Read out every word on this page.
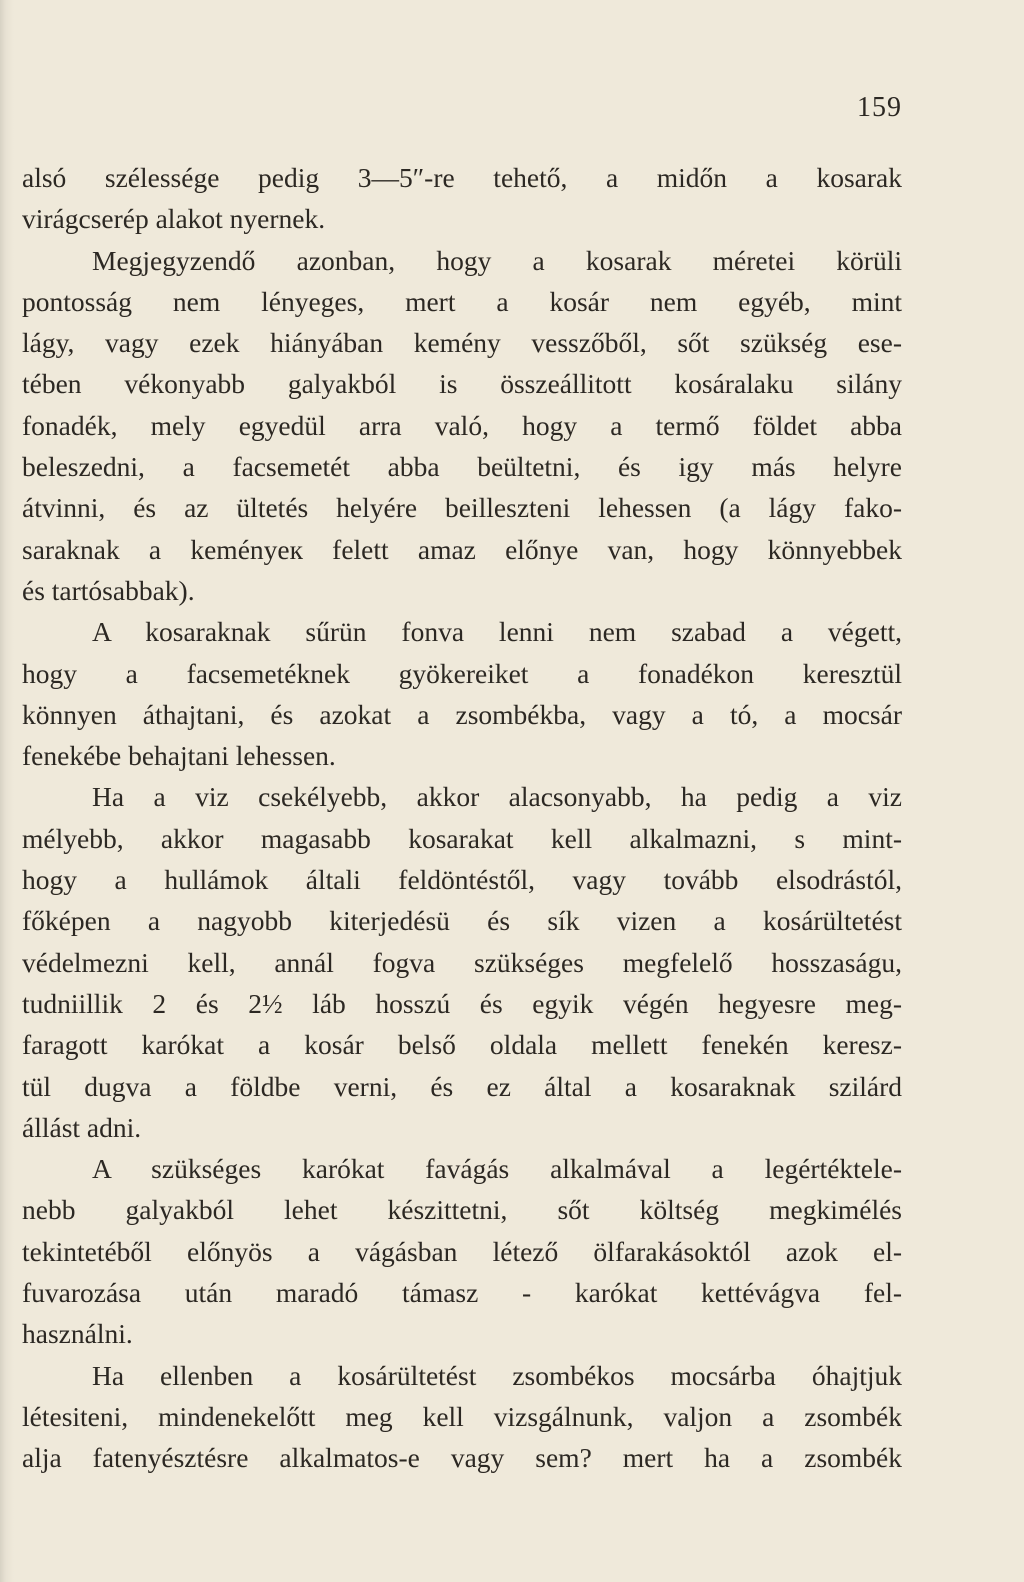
159
alsó szélessége pedig 3—5″-re tehető, a midőn a kosarak
virágcserép alakot nyernek.
Megjegyzendő azonban, hogy a kosarak méretei körüli
pontosság nem lényeges, mert a kosár nem egyéb, mint
lágy, vagy ezek hiányában kemény vesszőből, sőt szükség ese-
tében vékonyabb galyakból is összeállitott kosáralaku silány
fonadék, mely egyedül arra való, hogy a termő földet abba
beleszedni, a facsemetét abba beültetni, és igy más helyre
átvinni, és az ültetés helyére beilleszteni lehessen (a lágy fako-
saraknak a keményeк felett amaz előnye van, hogy könnyebbek
és tartósabbak).
A kosaraknak sűrün fonva lenni nem szabad a végett,
hogy a facsemetéknek gyökereiket a fonadékon keresztül
könnyen áthajtani, és azokat a zsombékba, vagy a tó, a mocsár
fenekébe behajtani lehessen.
Ha a viz csekélyebb, akkor alacsonyabb, ha pedig a viz
mélyebb, akkor magasabb kosarakat kell alkalmazni, s mint-
hogy a hullámok általi feldöntéstől, vagy tovább elsodrástól,
főképen a nagyobb kiterjedésü és sík vizen a kosárültetést
védelmezni kell, annál fogva szükséges megfelelő hosszaságu,
tudniillik 2 és 2½ láb hosszú és egyik végén hegyesre meg-
faragott karókat a kosár belső oldala mellett fenekén keresz-
tül dugva a földbe verni, és ez által a kosaraknak szilárd
állást adni.
A szükséges karókat favágás alkalmával a legértéktele-
nebb galyakból lehet készittetni, sőt költség megkimélés
tekintetéből előnyös a vágásban létező ölfarakásoktól azok el-
fuvarozása után maradó támasz - karókat kettévágva fel-
használni.
Ha ellenben a kosárültetést zsombékos mocsárba óhajtjuk
létesiteni, mindenekelőtt meg kell vizsgálnunk, valjon a zsombék
alja fatenyésztésre alkalmatos-e vagy sem? mert ha a zsombék
